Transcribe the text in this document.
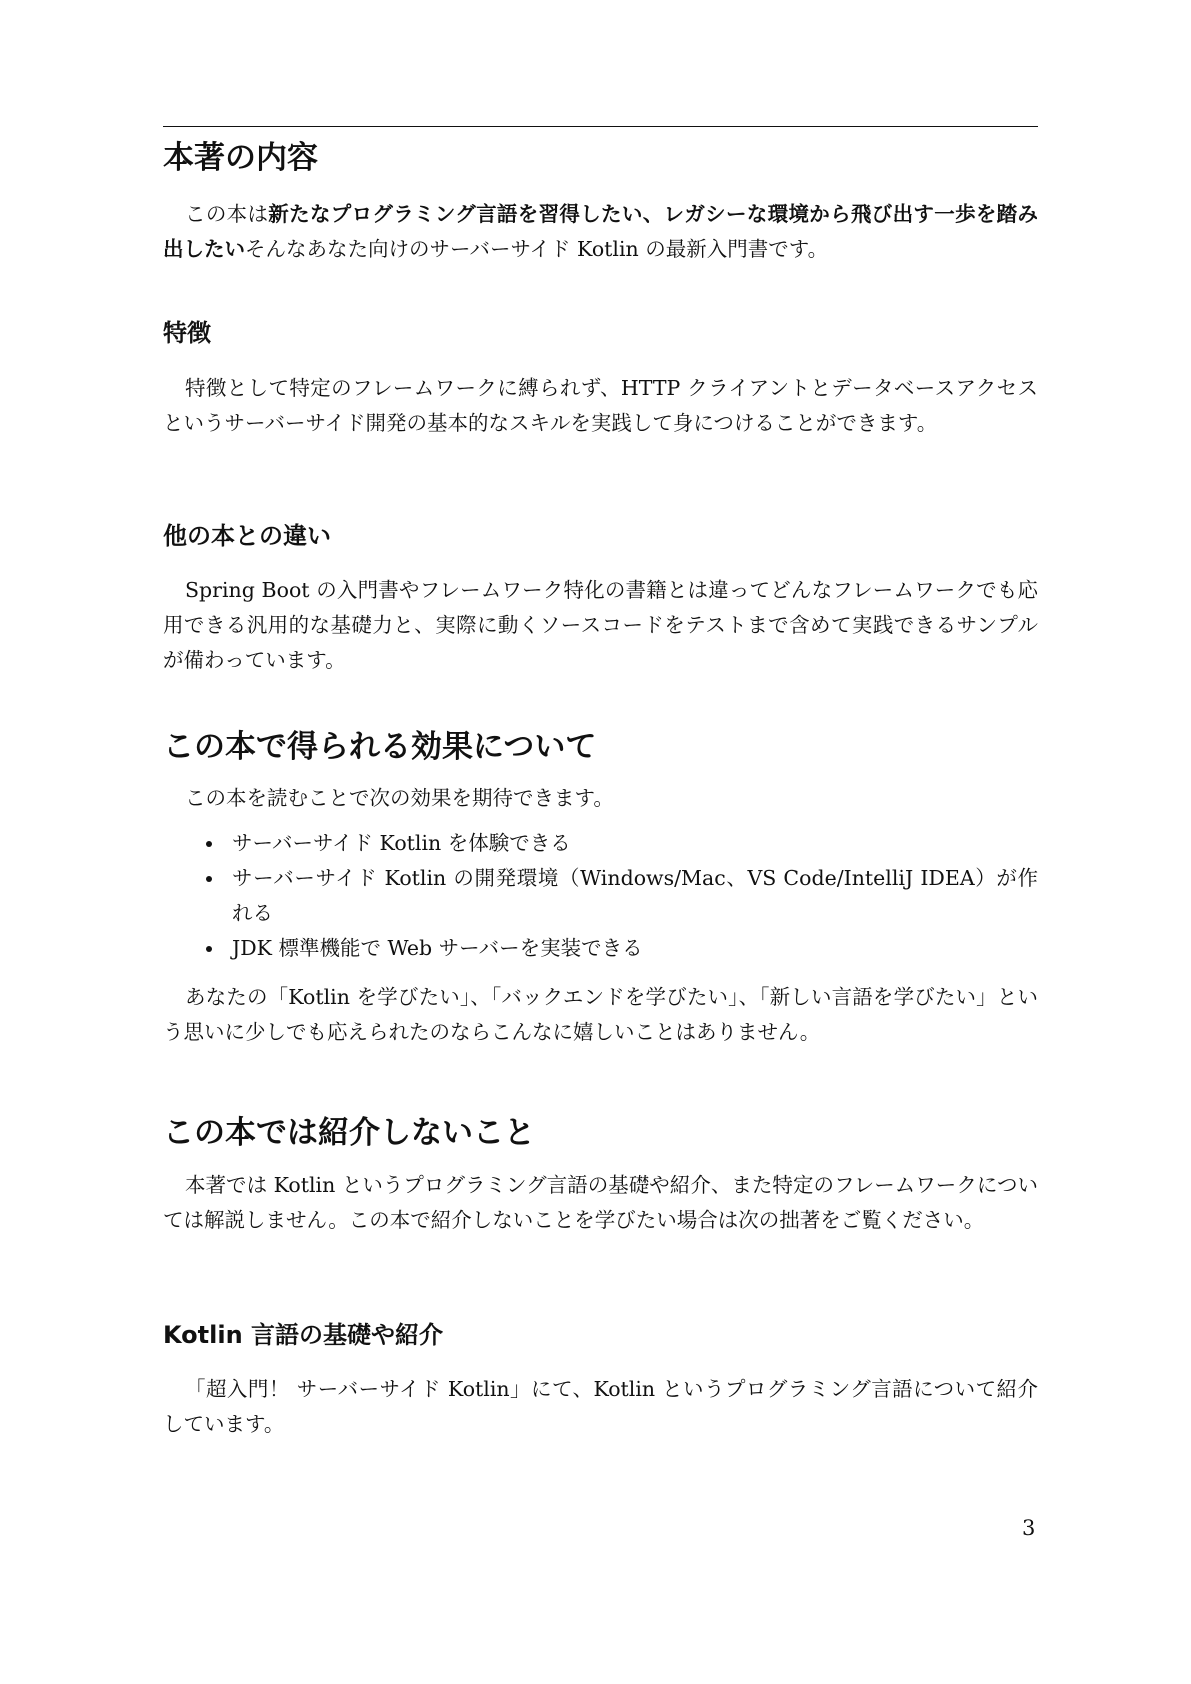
本著の内容

この本は新たなプログラミング言語を習得したい、レガシーな環境から飛び出す一歩を踏み出したいそんなあなた向けのサーバーサイド Kotlin の最新入門書です。

特徴

特徴として特定のフレームワークに縛られず、HTTP クライアントとデータベースアクセスというサーバーサイド開発の基本的なスキルを実践して身につけることができます。

他の本との違い

Spring Boot の入門書やフレームワーク特化の書籍とは違ってどんなフレームワークでも応用できる汎用的な基礎力と、実際に動くソースコードをテストまで含めて実践できるサンプルが備わっています。

この本で得られる効果について

この本を読むことで次の効果を期待できます。

サーバーサイド Kotlin を体験できる
サーバーサイド Kotlin の開発環境（Windows/Mac、VS Code/IntelliJ IDEA）が作れる
JDK 標準機能で Web サーバーを実装できる

あなたの「Kotlin を学びたい」、「バックエンドを学びたい」、「新しい言語を学びたい」という思いに少しでも応えられたのならこんなに嬉しいことはありません。

この本では紹介しないこと

本著では Kotlin というプログラミング言語の基礎や紹介、また特定のフレームワークについては解説しません。この本で紹介しないことを学びたい場合は次の拙著をご覧ください。

Kotlin 言語の基礎や紹介

「超入門！ サーバーサイド Kotlin」にて、Kotlin というプログラミング言語について紹介しています。

3
